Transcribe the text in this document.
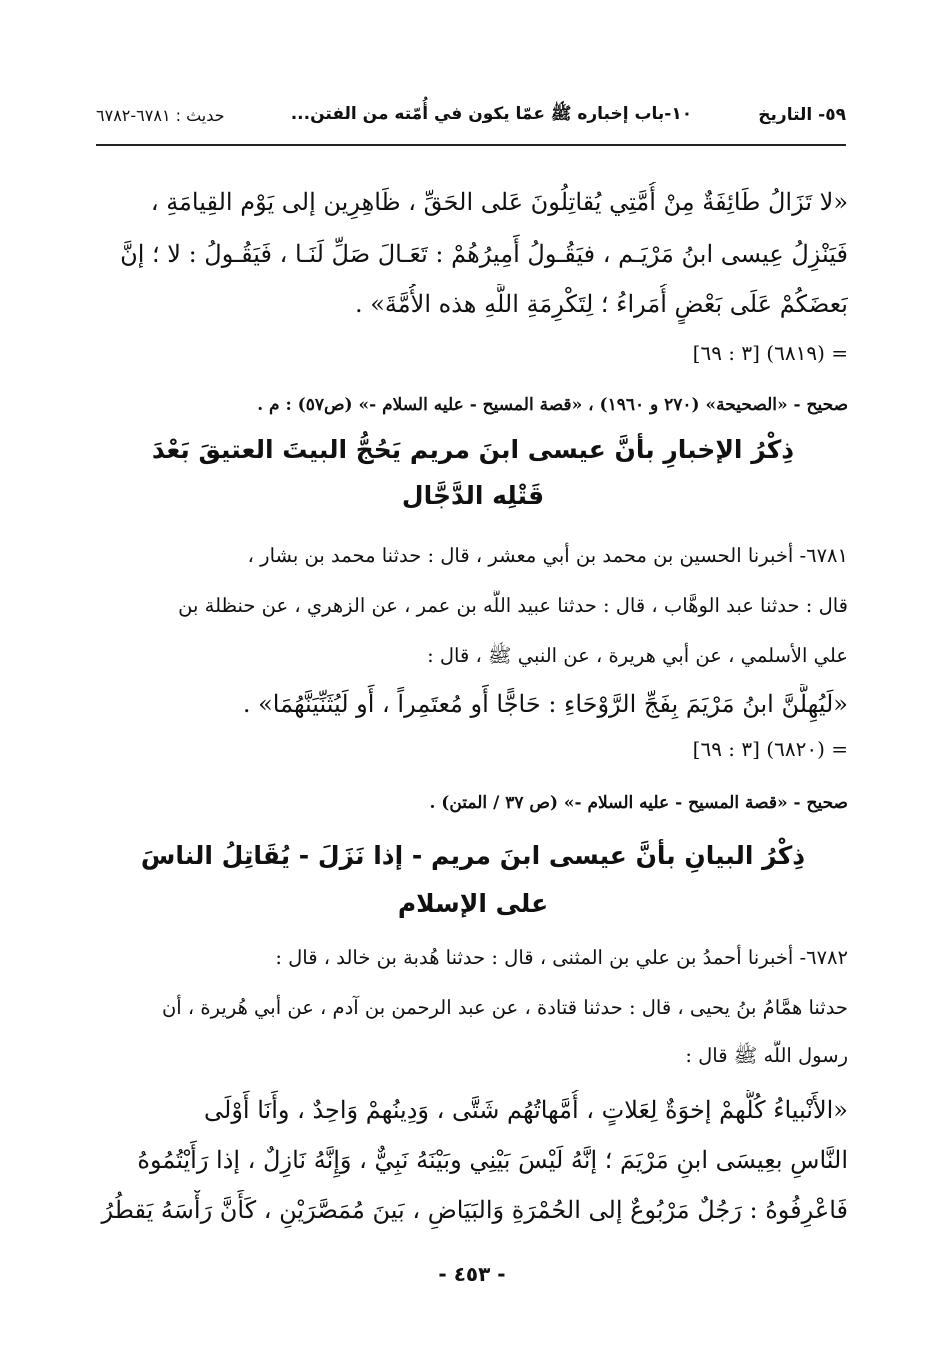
٥٩- التاريخ
١٠-باب إخباره ﷺ عمّا يكون في أُمّته من الفتن...
حديث : ٦٧٨١-٦٧٨٢
«لا تَزَالُ طَائِفَةٌ مِنْ أُمَّتِي يُقاتِلُونَ عَلى الحَقِّ ، ظَاهِرِين إلى يَوْم القِيامَةِ ،
فَيَنْزِلُ عِيسى ابنُ مَرْيَـم ، فيَقُـولُ أَمِيرُهُمْ : تَعَـالَ صَلِّ لَنَـا ، فَيَقُـولُ : لا ؛ إنَّ
بَعضَكُمْ عَلَى بَعْضٍ أُمَراءُ ؛ لِتَكْرِمَةِ اللَّهِ هذه الأُمَّةَ» .
= (٦٨١٩) [٣ : ٦٩]
صحيح - «الصحيحة» (٢٧٠ و ١٩٦٠) ، «قصة المسيح - عليه السلام -» (ص٥٧) : م .
ذِكْرُ الإخبارِ بأنَّ عيسى ابنَ مريم يَحُجُّ البيتَ العتيقَ بَعْدَ
قَتْلِه الدَّجَّال
٦٧٨١- أخبرنا الحسين بن محمد بن أبي معشر ، قال : حدثنا محمد بن بشار ،
قال : حدثنا عبد الوهَّاب ، قال : حدثنا عبيد اللَّه بن عمر ، عن الزهري ، عن حنظلة بن
علي الأسلمي ، عن أبي هريرة ، عن النبي ﷺ ، قال :
«لَيُهِلَّنَّ ابنُ مَرْيَمَ بِفَجِّ الرَّوْحَاءِ : حَاجًّا أَو مُعتَمِراً ، أَو لَيُثَنِّيَنَّهُمَا» .
= (٦٨٢٠) [٣ : ٦٩]
صحيح - «قصة المسيح - عليه السلام -» (ص ٣٧ / المتن) .
ذِكْرُ البيانِ بأنَّ عيسى ابنَ مريم - إذا نَزَلَ - يُقَاتِلُ الناسَ
على الإسلام
٦٧٨٢- أخبرنا أحمدُ بن علي بن المثنى ، قال : حدثنا هُدبة بن خالد ، قال :
حدثنا همَّامُ بنُ يحيى ، قال : حدثنا قتادة ، عن عبد الرحمن بن آدم ، عن أبي هُريرة ، أن
رسول اللَّه ﷺ قال :
«الأَنْبياءُ كُلُّهمْ إخوَةٌ لِعَلاتٍ ، أُمَّهاتُهُم شَتَّى ، وَدِينُهمْ وَاحِدٌ ، وأَنَا أَوْلَى
النَّاسِ بعِيسَى ابنِ مَرْيَمَ ؛ إنَّهُ لَيْسَ بَيْنِي وبَيْنَهُ نَبِيٌّ ، وَإِنَّهُ نَازِلٌ ، إذا رَأَيْتُمُوهُ
فَاعْرِفُوهُ : رَجُلٌ مَرْبُوعٌ إلى الحُمْرَةِ وَالبَيَاضِ ، بَينَ مُمَصَّرَيْنِ ، كَأَنَّ رَأْسَهُ يَقطُرُ
- ٤٥٣ -
